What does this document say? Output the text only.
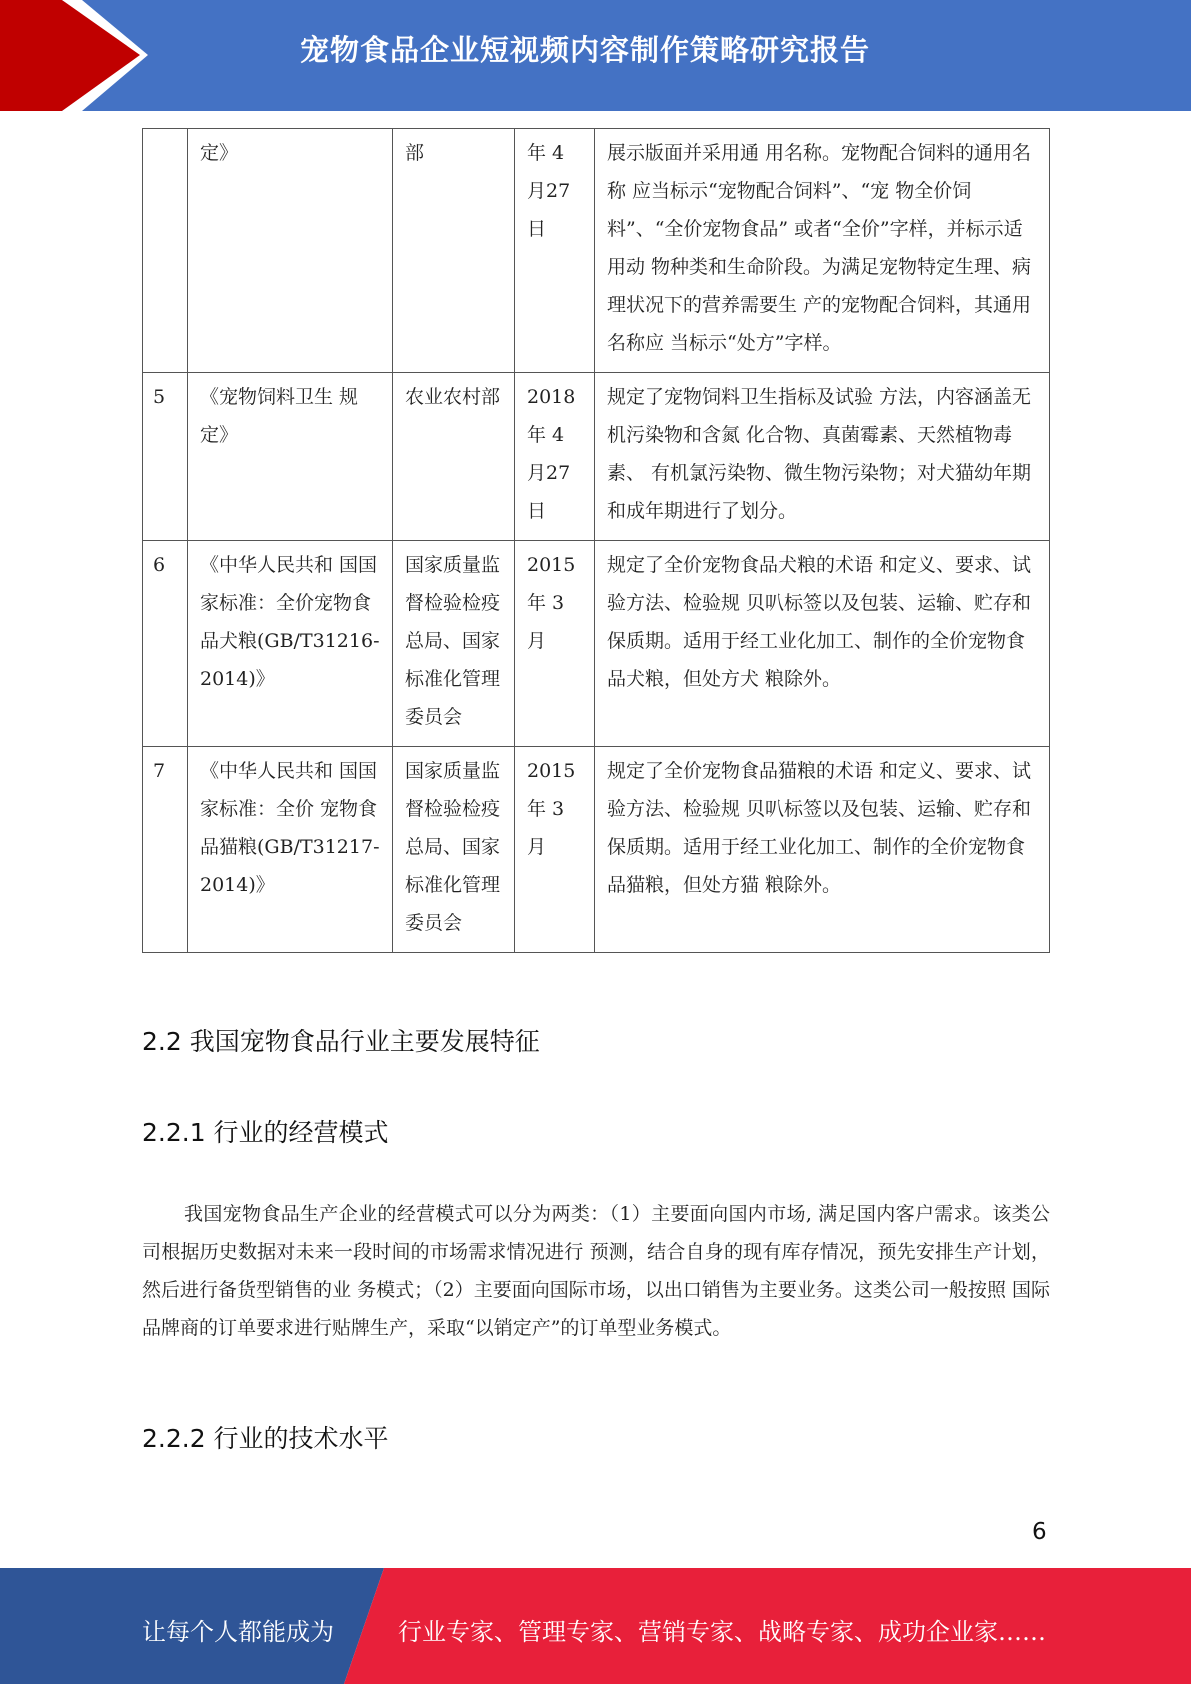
宠物食品企业短视频内容制作策略研究报告
	定》	部	年 4 月27 日	展示版面并采用通 用名称。宠物配合饲料的通用名称 应当标示“宠物配合饲料”、“宠 物全价饲料”、“全价宠物食品” 或者“全价”字样，并标示适用动 物种类和生命阶段。为满足宠物特定生理、病理状况下的营养需要生 产的宠物配合饲料，其通用名称应 当标示“处方”字样。
5	《宠物饲料卫生 规定》	农业农村部	2018 年 4 月27 日	规定了宠物饲料卫生指标及试验 方法，内容涵盖无机污染物和含氮 化合物、真菌霉素、天然植物毒素、 有机氯污染物、微生物污染物；对犬猫幼年期和成年期进行了划分。
6	《中华人民共和 国国家标准：全价宠物食品犬粮(GB/T31216-2014)》	国家质量监 督检验检疫 总局、国家标准化管理 委员会	2015 年 3 月	规定了全价宠物食品犬粮的术语 和定义、要求、试验方法、检验规 贝叭标签以及包装、运输、贮存和 保质期。适用于经工业化加工、制作的全价宠物食品犬粮，但处方犬 粮除外。
7	《中华人民共和 国国家标准：全价 宠物食品猫粮(GB/T31217-2014)》	国家质量监 督检验检疫 总局、国家标准化管理 委员会	2015 年 3 月	规定了全价宠物食品猫粮的术语 和定义、要求、试验方法、检验规 贝叭标签以及包装、运输、贮存和 保质期。适用于经工业化加工、制作的全价宠物食品猫粮，但处方猫 粮除外。
2.2 我国宠物食品行业主要发展特征
2.2.1 行业的经营模式
我国宠物食品生产企业的经营模式可以分为两类：（1）主要面向国内市场, 满足国内客户需求。该类公司根据历史数据对未来一段时间的市场需求情况进行 预测，结合自身的现有库存情况，预先安排生产计划，然后进行备货型销售的业 务模式；（2）主要面向国际市场，以出口销售为主要业务。这类公司一般按照 国际品牌商的订单要求进行贴牌生产，采取“以销定产”的订单型业务模式。
2.2.2 行业的技术水平
6
让每个人都能成为	行业专家、管理专家、营销专家、战略专家、成功企业家……
